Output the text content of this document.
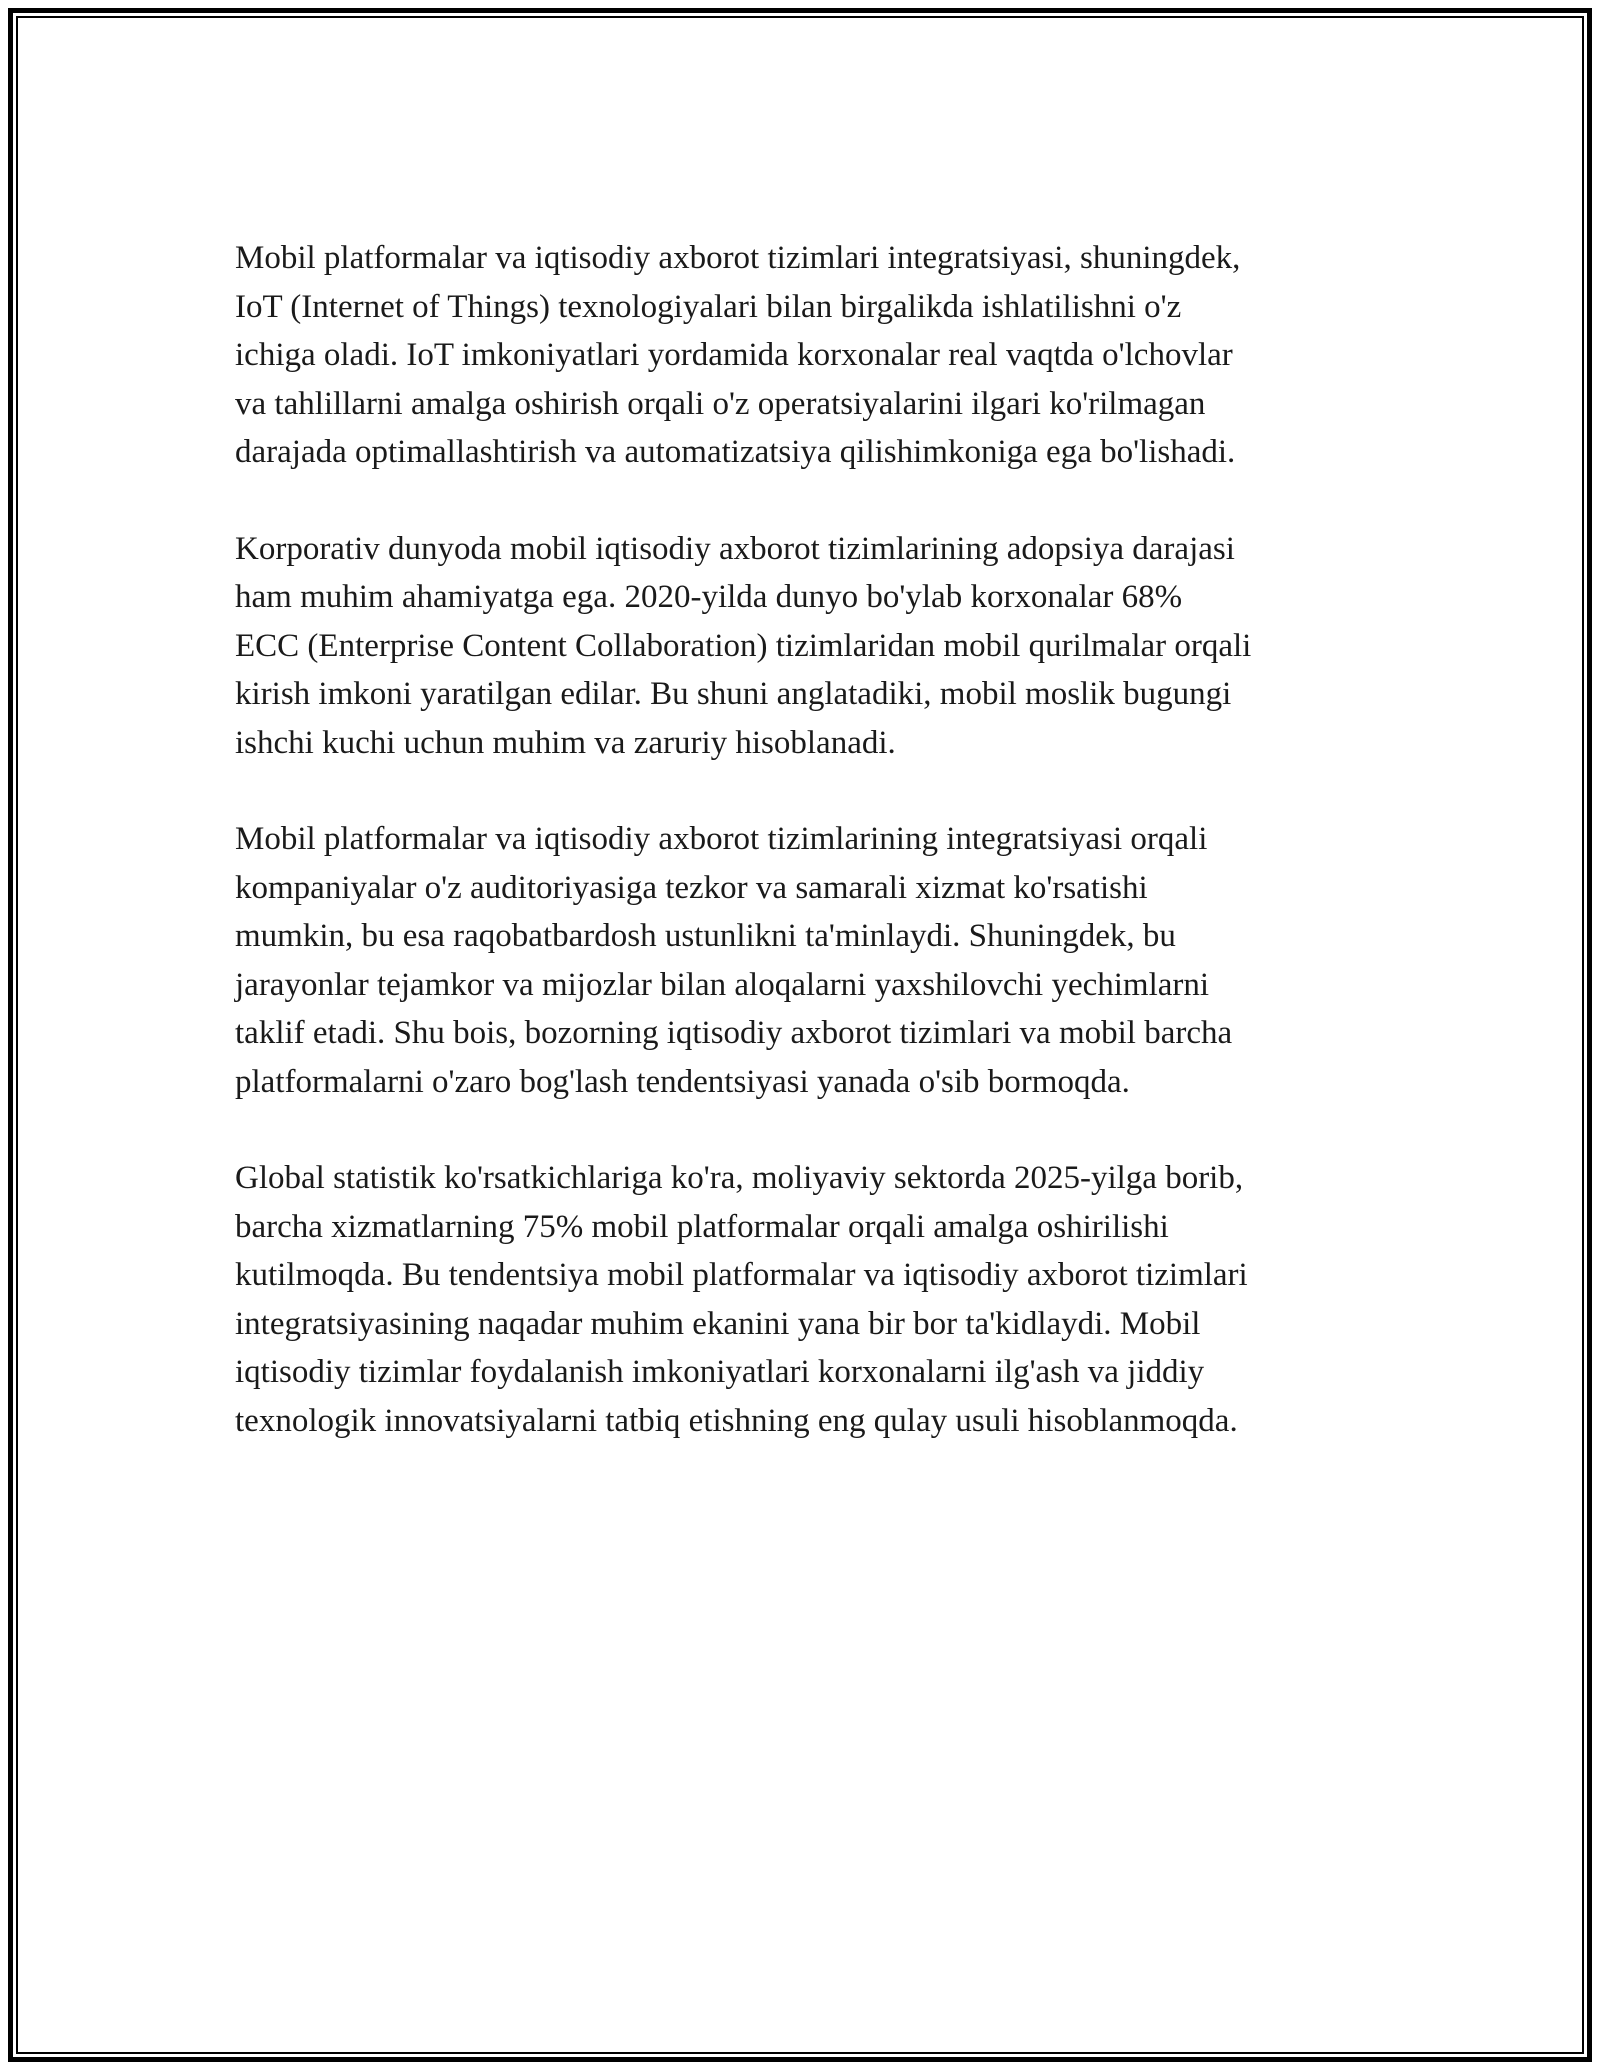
Mobil platformalar va iqtisodiy axborot tizimlari integratsiyasi, shuningdek,
IoT (Internet of Things) texnologiyalari bilan birgalikda ishlatilishni o'z
ichiga oladi. IoT imkoniyatlari yordamida korxonalar real vaqtda o'lchovlar
va tahlillarni amalga oshirish orqali o'z operatsiyalarini ilgari ko'rilmagan
darajada optimallashtirish va automatizatsiya qilishimkoniga ega bo'lishadi.

Korporativ dunyoda mobil iqtisodiy axborot tizimlarining adopsiya darajasi
ham muhim ahamiyatga ega. 2020-yilda dunyo bo'ylab korxonalar 68%
ECC (Enterprise Content Collaboration) tizimlaridan mobil qurilmalar orqali
kirish imkoni yaratilgan edilar. Bu shuni anglatadiki, mobil moslik bugungi
ishchi kuchi uchun muhim va zaruriy hisoblanadi.

Mobil platformalar va iqtisodiy axborot tizimlarining integratsiyasi orqali
kompaniyalar o'z auditoriyasiga tezkor va samarali xizmat ko'rsatishi
mumkin, bu esa raqobatbardosh ustunlikni ta'minlaydi. Shuningdek, bu
jarayonlar tejamkor va mijozlar bilan aloqalarni yaxshilovchi yechimlarni
taklif etadi. Shu bois, bozorning iqtisodiy axborot tizimlari va mobil barcha
platformalarni o'zaro bog'lash tendentsiyasi yanada o'sib bormoqda.

Global statistik ko'rsatkichlariga ko'ra, moliyaviy sektorda 2025-yilga borib,
barcha xizmatlarning 75% mobil platformalar orqali amalga oshirilishi
kutilmoqda. Bu tendentsiya mobil platformalar va iqtisodiy axborot tizimlari
integratsiyasining naqadar muhim ekanini yana bir bor ta'kidlaydi. Mobil
iqtisodiy tizimlar foydalanish imkoniyatlari korxonalarni ilg'ash va jiddiy
texnologik innovatsiyalarni tatbiq etishning eng qulay usuli hisoblanmoqda.
